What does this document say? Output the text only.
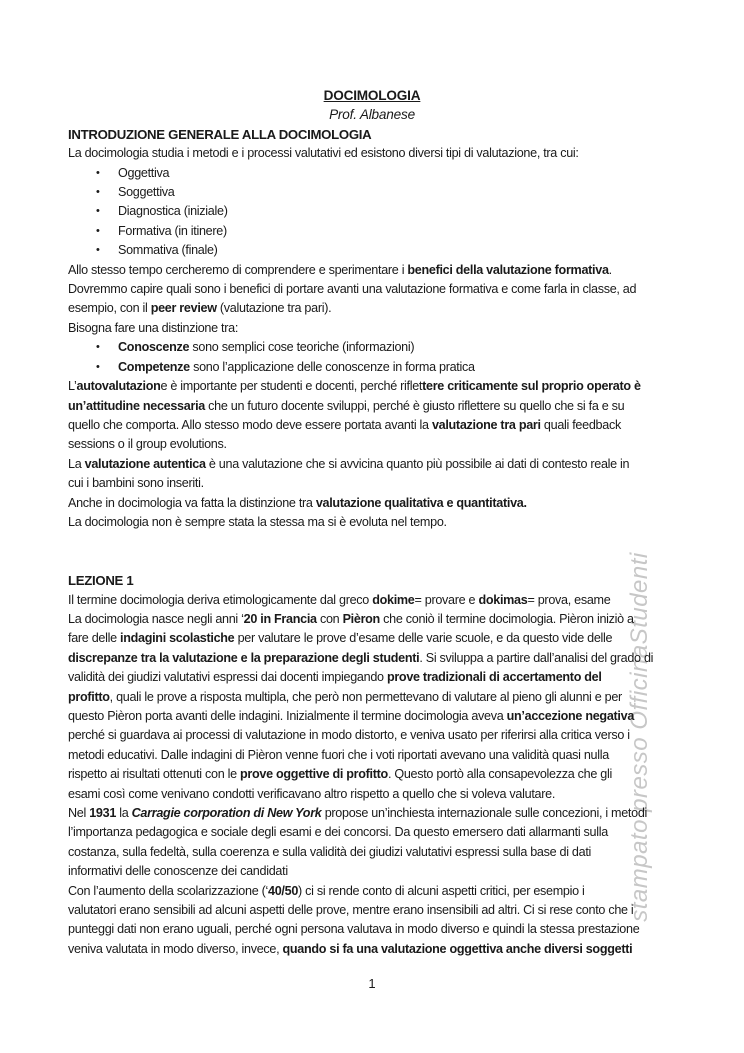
stampato presso OfficinaStudenti
DOCIMOLOGIA
Prof. Albanese
INTRODUZIONE GENERALE ALLA DOCIMOLOGIA
La docimologia studia i metodi e i processi valutativi ed esistono diversi tipi di valutazione, tra cui:
•	Oggettiva
•	Soggettiva
•	Diagnostica (iniziale)
•	Formativa (in itinere)
•	Sommativa (finale)
Allo stesso tempo cercheremo di comprendere e sperimentare i benefici della valutazione formativa.
Dovremmo capire quali sono i benefici di portare avanti una valutazione formativa e come farla in classe, ad
esempio, con il peer review (valutazione tra pari).
Bisogna fare una distinzione tra:
•	Conoscenze sono semplici cose teoriche (informazioni)
•	Competenze sono l’applicazione delle conoscenze in forma pratica
L’autovalutazione è importante per studenti e docenti, perché riflettere criticamente sul proprio operato è
un’attitudine necessaria che un futuro docente sviluppi, perché è giusto riflettere su quello che si fa e su
quello che comporta. Allo stesso modo deve essere portata avanti la valutazione tra pari quali feedback
sessions o il group evolutions.
La valutazione autentica è una valutazione che si avvicina quanto più possibile ai dati di contesto reale in
cui i bambini sono inseriti.
Anche in docimologia va fatta la distinzione tra valutazione qualitativa e quantitativa.
La docimologia non è sempre stata la stessa ma si è evoluta nel tempo.
LEZIONE 1
Il termine docimologia deriva etimologicamente dal greco dokime= provare e dokimas= prova, esame
La docimologia nasce negli anni ‘20 in Francia con Pièron che coniò il termine docimologia. Pièron iniziò a
fare delle indagini scolastiche per valutare le prove d’esame delle varie scuole, e da questo vide delle
discrepanze tra la valutazione e la preparazione degli studenti. Si sviluppa a partire dall’analisi del grado di
validità dei giudizi valutativi espressi dai docenti impiegando prove tradizionali di accertamento del
profitto, quali le prove a risposta multipla, che però non permettevano di valutare al pieno gli alunni e per
questo Pièron porta avanti delle indagini. Inizialmente il termine docimologia aveva un’accezione negativa
perché si guardava ai processi di valutazione in modo distorto, e veniva usato per riferirsi alla critica verso i
metodi educativi. Dalle indagini di Pièron venne fuori che i voti riportati avevano una validità quasi nulla
rispetto ai risultati ottenuti con le prove oggettive di profitto. Questo portò alla consapevolezza che gli
esami così come venivano condotti verificavano altro rispetto a quello che si voleva valutare.
Nel 1931 la Carragie corporation di New York propose un’inchiesta internazionale sulle concezioni, i metodi
l’importanza pedagogica e sociale degli esami e dei concorsi. Da questo emersero dati allarmanti sulla
costanza, sulla fedeltà, sulla coerenza e sulla validità dei giudizi valutativi espressi sulla base di dati
informativi delle conoscenze dei candidati
Con l’aumento della scolarizzazione (‘40/50) ci si rende conto di alcuni aspetti critici, per esempio i
valutatori erano sensibili ad alcuni aspetti delle prove, mentre erano insensibili ad altri. Ci si rese conto che i
punteggi dati non erano uguali, perché ogni persona valutava in modo diverso e quindi la stessa prestazione
veniva valutata in modo diverso, invece, quando si fa una valutazione oggettiva anche diversi soggetti
1
